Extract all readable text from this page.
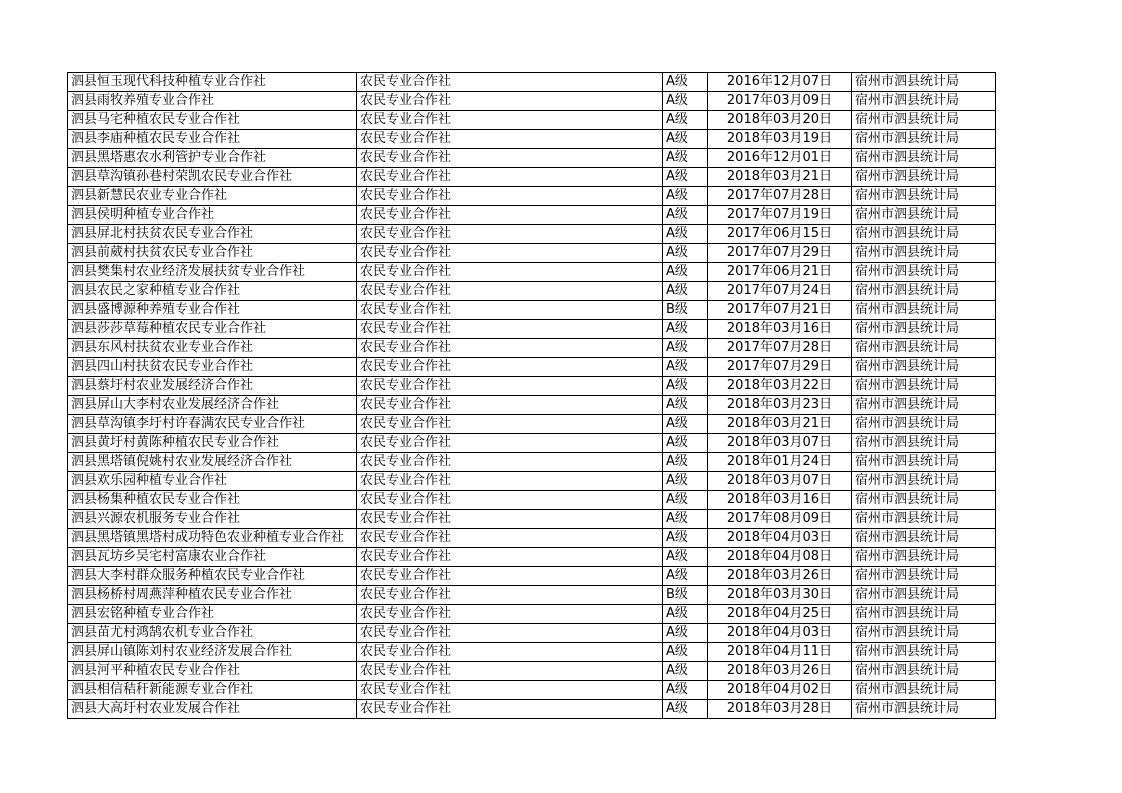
泗县恒玉现代科技种植专业合作社	农民专业合作社	A级	2016年12月07日	宿州市泗县统计局
泗县雨牧养殖专业合作社	农民专业合作社	A级	2017年03月09日	宿州市泗县统计局
泗县马宅种植农民专业合作社	农民专业合作社	A级	2018年03月20日	宿州市泗县统计局
泗县李庙种植农民专业合作社	农民专业合作社	A级	2018年03月19日	宿州市泗县统计局
泗县黑塔惠农水利管护专业合作社	农民专业合作社	A级	2016年12月01日	宿州市泗县统计局
泗县草沟镇孙巷村荣凯农民专业合作社	农民专业合作社	A级	2018年03月21日	宿州市泗县统计局
泗县新慧民农业专业合作社	农民专业合作社	A级	2017年07月28日	宿州市泗县统计局
泗县侯明种植专业合作社	农民专业合作社	A级	2017年07月19日	宿州市泗县统计局
泗县屏北村扶贫农民专业合作社	农民专业合作社	A级	2017年06月15日	宿州市泗县统计局
泗县前葳村扶贫农民专业合作社	农民专业合作社	A级	2017年07月29日	宿州市泗县统计局
泗县樊集村农业经济发展扶贫专业合作社	农民专业合作社	A级	2017年06月21日	宿州市泗县统计局
泗县农民之家种植专业合作社	农民专业合作社	A级	2017年07月24日	宿州市泗县统计局
泗县盛博源种养殖专业合作社	农民专业合作社	B级	2017年07月21日	宿州市泗县统计局
泗县莎莎草莓种植农民专业合作社	农民专业合作社	A级	2018年03月16日	宿州市泗县统计局
泗县东风村扶贫农业专业合作社	农民专业合作社	A级	2017年07月28日	宿州市泗县统计局
泗县四山村扶贫农民专业合作社	农民专业合作社	A级	2017年07月29日	宿州市泗县统计局
泗县蔡圩村农业发展经济合作社	农民专业合作社	A级	2018年03月22日	宿州市泗县统计局
泗县屏山大李村农业发展经济合作社	农民专业合作社	A级	2018年03月23日	宿州市泗县统计局
泗县草沟镇李圩村许春满农民专业合作社	农民专业合作社	A级	2018年03月21日	宿州市泗县统计局
泗县黄圩村黄陈种植农民专业合作社	农民专业合作社	A级	2018年03月07日	宿州市泗县统计局
泗县黑塔镇倪姚村农业发展经济合作社	农民专业合作社	A级	2018年01月24日	宿州市泗县统计局
泗县欢乐园种植专业合作社	农民专业合作社	A级	2018年03月07日	宿州市泗县统计局
泗县杨集种植农民专业合作社	农民专业合作社	A级	2018年03月16日	宿州市泗县统计局
泗县兴源农机服务专业合作社	农民专业合作社	A级	2017年08月09日	宿州市泗县统计局
泗县黑塔镇黑塔村成功特色农业种植专业合作社	农民专业合作社	A级	2018年04月03日	宿州市泗县统计局
泗县瓦坊乡吴宅村富康农业合作社	农民专业合作社	A级	2018年04月08日	宿州市泗县统计局
泗县大李村群众服务种植农民专业合作社	农民专业合作社	A级	2018年03月26日	宿州市泗县统计局
泗县杨桥村周燕萍种植农民专业合作社	农民专业合作社	B级	2018年03月30日	宿州市泗县统计局
泗县宏铭种植专业合作社	农民专业合作社	A级	2018年04月25日	宿州市泗县统计局
泗县苗尤村鸿鹄农机专业合作社	农民专业合作社	A级	2018年04月03日	宿州市泗县统计局
泗县屏山镇陈刘村农业经济发展合作社	农民专业合作社	A级	2018年04月11日	宿州市泗县统计局
泗县河平种植农民专业合作社	农民专业合作社	A级	2018年03月26日	宿州市泗县统计局
泗县相信秸秆新能源专业合作社	农民专业合作社	A级	2018年04月02日	宿州市泗县统计局
泗县大高圩村农业发展合作社	农民专业合作社	A级	2018年03月28日	宿州市泗县统计局
